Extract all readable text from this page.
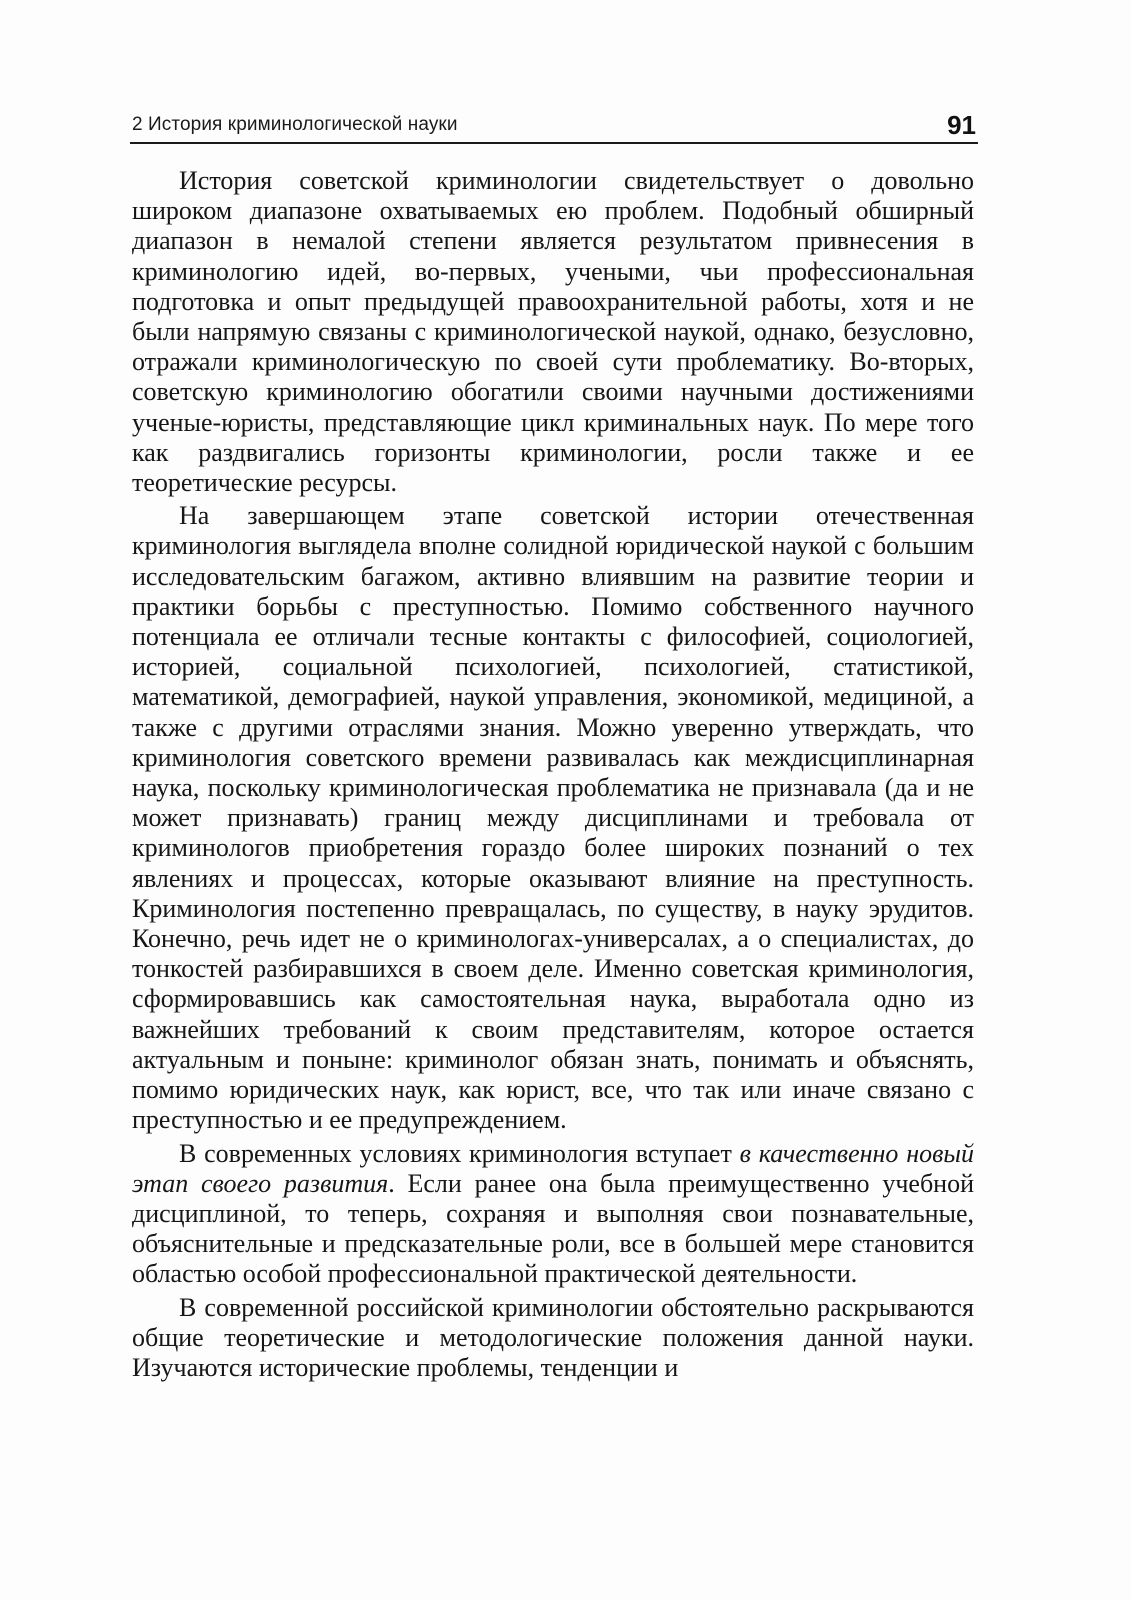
2 История криминологической науки	91

История советской криминологии свидетельствует о довольно широком диапазоне охватываемых ею проблем. Подобный обширный диапазон в немалой степени является результатом привнесения в криминологию идей, во-первых, учеными, чьи профессиональная подготовка и опыт предыдущей правоохранительной работы, хотя и не были напрямую связаны с криминологической наукой, однако, безусловно, отражали криминологическую по своей сути проблематику. Во-вторых, советскую криминологию обогатили своими научными достижениями ученые-юристы, представляющие цикл криминальных наук. По мере того как раздвигались горизонты криминологии, росли также и ее теоретические ресурсы.

На завершающем этапе советской истории отечественная криминология выглядела вполне солидной юридической наукой с большим исследовательским багажом, активно влиявшим на развитие теории и практики борьбы с преступностью. Помимо собственного научного потенциала ее отличали тесные контакты с философией, социологией, историей, социальной психологией, психологией, статистикой, математикой, демографией, наукой управления, экономикой, медициной, а также с другими отраслями знания. Можно уверенно утверждать, что криминология советского времени развивалась как междисциплинарная наука, поскольку криминологическая проблематика не признавала (да и не может признавать) границ между дисциплинами и требовала от криминологов приобретения гораздо более широких познаний о тех явлениях и процессах, которые оказывают влияние на преступность. Криминология постепенно превращалась, по существу, в науку эрудитов. Конечно, речь идет не о криминологах-универсалах, а о специалистах, до тонкостей разбиравшихся в своем деле. Именно советская криминология, сформировавшись как самостоятельная наука, выработала одно из важнейших требований к своим представителям, которое остается актуальным и поныне: криминолог обязан знать, понимать и объяснять, помимо юридических наук, как юрист, все, что так или иначе связано с преступностью и ее предупреждением.

В современных условиях криминология вступает в качественно новый этап своего развития. Если ранее она была преимущественно учебной дисциплиной, то теперь, сохраняя и выполняя свои познавательные, объяснительные и предсказательные роли, все в большей мере становится областью особой профессиональной практической деятельности.

В современной российской криминологии обстоятельно раскрываются общие теоретические и методологические положения данной науки. Изучаются исторические проблемы, тенденции и
